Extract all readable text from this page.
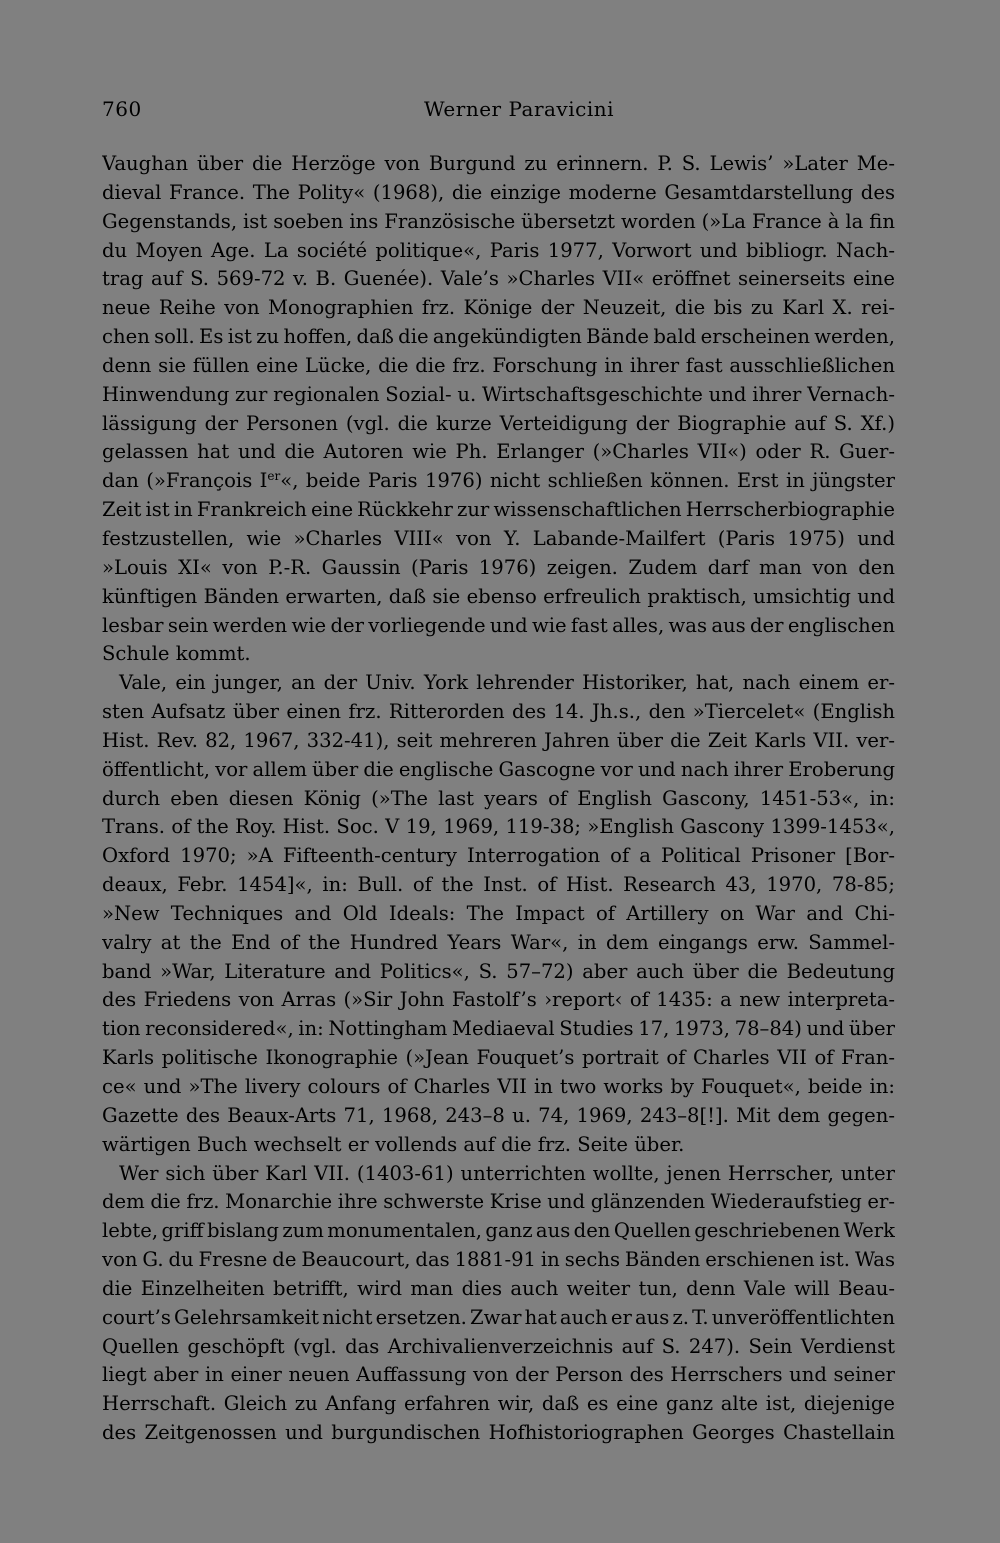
760	Werner Paravicini
Vaughan über die Herzöge von Burgund zu erinnern. P. S. Lewis’ »Later Me-
dieval France. The Polity« (1968), die einzige moderne Gesamtdarstellung des
Gegenstands, ist soeben ins Französische übersetzt worden (»La France à la fin
du Moyen Age. La société politique«, Paris 1977, Vorwort und bibliogr. Nach-
trag auf S. 569-72 v. B. Guenée). Vale’s »Charles VII« eröffnet seinerseits eine
neue Reihe von Monographien frz. Könige der Neuzeit, die bis zu Karl X. rei-
chen soll. Es ist zu hoffen, daß die angekündigten Bände bald erscheinen werden,
denn sie füllen eine Lücke, die die frz. Forschung in ihrer fast ausschließlichen
Hinwendung zur regionalen Sozial- u. Wirtschaftsgeschichte und ihrer Vernach-
lässigung der Personen (vgl. die kurze Verteidigung der Biographie auf S. Xf.)
gelassen hat und die Autoren wie Ph. Erlanger (»Charles VII«) oder R. Guer-
dan (»François Ier«, beide Paris 1976) nicht schließen können. Erst in jüngster
Zeit ist in Frankreich eine Rückkehr zur wissenschaftlichen Herrscherbiographie
festzustellen, wie »Charles VIII« von Y. Labande-Mailfert (Paris 1975) und
»Louis XI« von P.-R. Gaussin (Paris 1976) zeigen. Zudem darf man von den
künftigen Bänden erwarten, daß sie ebenso erfreulich praktisch, umsichtig und
lesbar sein werden wie der vorliegende und wie fast alles, was aus der englischen
Schule kommt.
Vale, ein junger, an der Univ. York lehrender Historiker, hat, nach einem er-
sten Aufsatz über einen frz. Ritterorden des 14. Jh.s., den »Tiercelet« (English
Hist. Rev. 82, 1967, 332-41), seit mehreren Jahren über die Zeit Karls VII. ver-
öffentlicht, vor allem über die englische Gascogne vor und nach ihrer Eroberung
durch eben diesen König (»The last years of English Gascony, 1451-53«, in:
Trans. of the Roy. Hist. Soc. V 19, 1969, 119-38; »English Gascony 1399-1453«,
Oxford 1970; »A Fifteenth-century Interrogation of a Political Prisoner [Bor-
deaux, Febr. 1454]«, in: Bull. of the Inst. of Hist. Research 43, 1970, 78-85;
»New Techniques and Old Ideals: The Impact of Artillery on War and Chi-
valry at the End of the Hundred Years War«, in dem eingangs erw. Sammel-
band »War, Literature and Politics«, S. 57–72) aber auch über die Bedeutung
des Friedens von Arras (»Sir John Fastolf’s ›report‹ of 1435: a new interpreta-
tion reconsidered«, in: Nottingham Mediaeval Studies 17, 1973, 78–84) und über
Karls politische Ikonographie (»Jean Fouquet’s portrait of Charles VII of Fran-
ce« und »The livery colours of Charles VII in two works by Fouquet«, beide in:
Gazette des Beaux-Arts 71, 1968, 243–8 u. 74, 1969, 243–8[!]. Mit dem gegen-
wärtigen Buch wechselt er vollends auf die frz. Seite über.
Wer sich über Karl VII. (1403-61) unterrichten wollte, jenen Herrscher, unter
dem die frz. Monarchie ihre schwerste Krise und glänzenden Wiederaufstieg er-
lebte, griff bislang zum monumentalen, ganz aus den Quellen geschriebenen Werk
von G. du Fresne de Beaucourt, das 1881-91 in sechs Bänden erschienen ist. Was
die Einzelheiten betrifft, wird man dies auch weiter tun, denn Vale will Beau-
court’s Gelehrsamkeit nicht ersetzen. Zwar hat auch er aus z. T. unveröffentlichten
Quellen geschöpft (vgl. das Archivalienverzeichnis auf S. 247). Sein Verdienst
liegt aber in einer neuen Auffassung von der Person des Herrschers und seiner
Herrschaft. Gleich zu Anfang erfahren wir, daß es eine ganz alte ist, diejenige
des Zeitgenossen und burgundischen Hofhistoriographen Georges Chastellain
